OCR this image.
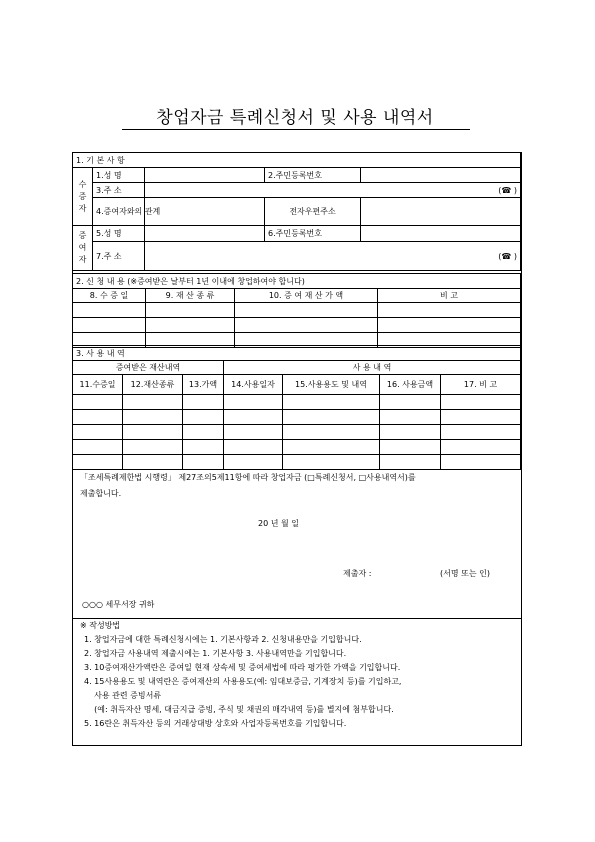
창업자금 특례신청서 및 사용 내역서
1. 기 본 사 항				
수 증 자	1.성 명		2.주민등록번호	
	3.주 소	(☎ )		
	4.증여자와의 관계		전자우편주소	
증 여 자	5.성 명		6.주민등록번호	
	7.주 소	(☎ )		
2. 신 청 내 용 (※증여받은 날부터 1년 이내에 창업하여야 합니다)			
8. 수 증 일	9. 재 산 종 류	10. 증 여 재 산 가 액	비 고

3. 사 용 내 역						
증여받은 재산내역			사 용 내 역			
11.수증일	12.재산종류	13.가액	14.사용일자	15.사용용도 및 내역	16. 사용금액	17. 비 고

「조세특례제한법 시행령」 제27조의5제11항에 따라 창업자금 (□특례신청서, □사용내역서)를
제출합니다.
20 년 월 일
제출자 :	(서명 또는 인)
○○○ 세무서장 귀하
※ 작성방법
1. 창업자금에 대한 특례신청시에는 1. 기본사항과 2. 신청내용만을 기입합니다.
2. 창업자금 사용내역 제출시에는 1. 기본사항 3. 사용내역만을 기입합니다.
3. 10증여재산가액란은 증여일 현재 상속세 및 증여세법에 따라 평가한 가액을 기입합니다.
4. 15사용용도 및 내역란은 증여재산의 사용용도(예: 임대보증금, 기계장치 등)를 기입하고,
사용 관련 증빙서류
(예: 취득자산 명세, 대금지급 증빙, 주식 및 채권의 매각내역 등)를 별지에 첨부합니다.
5. 16란은 취득자산 등의 거래상대방 상호와 사업자등록번호를 기입합니다.
